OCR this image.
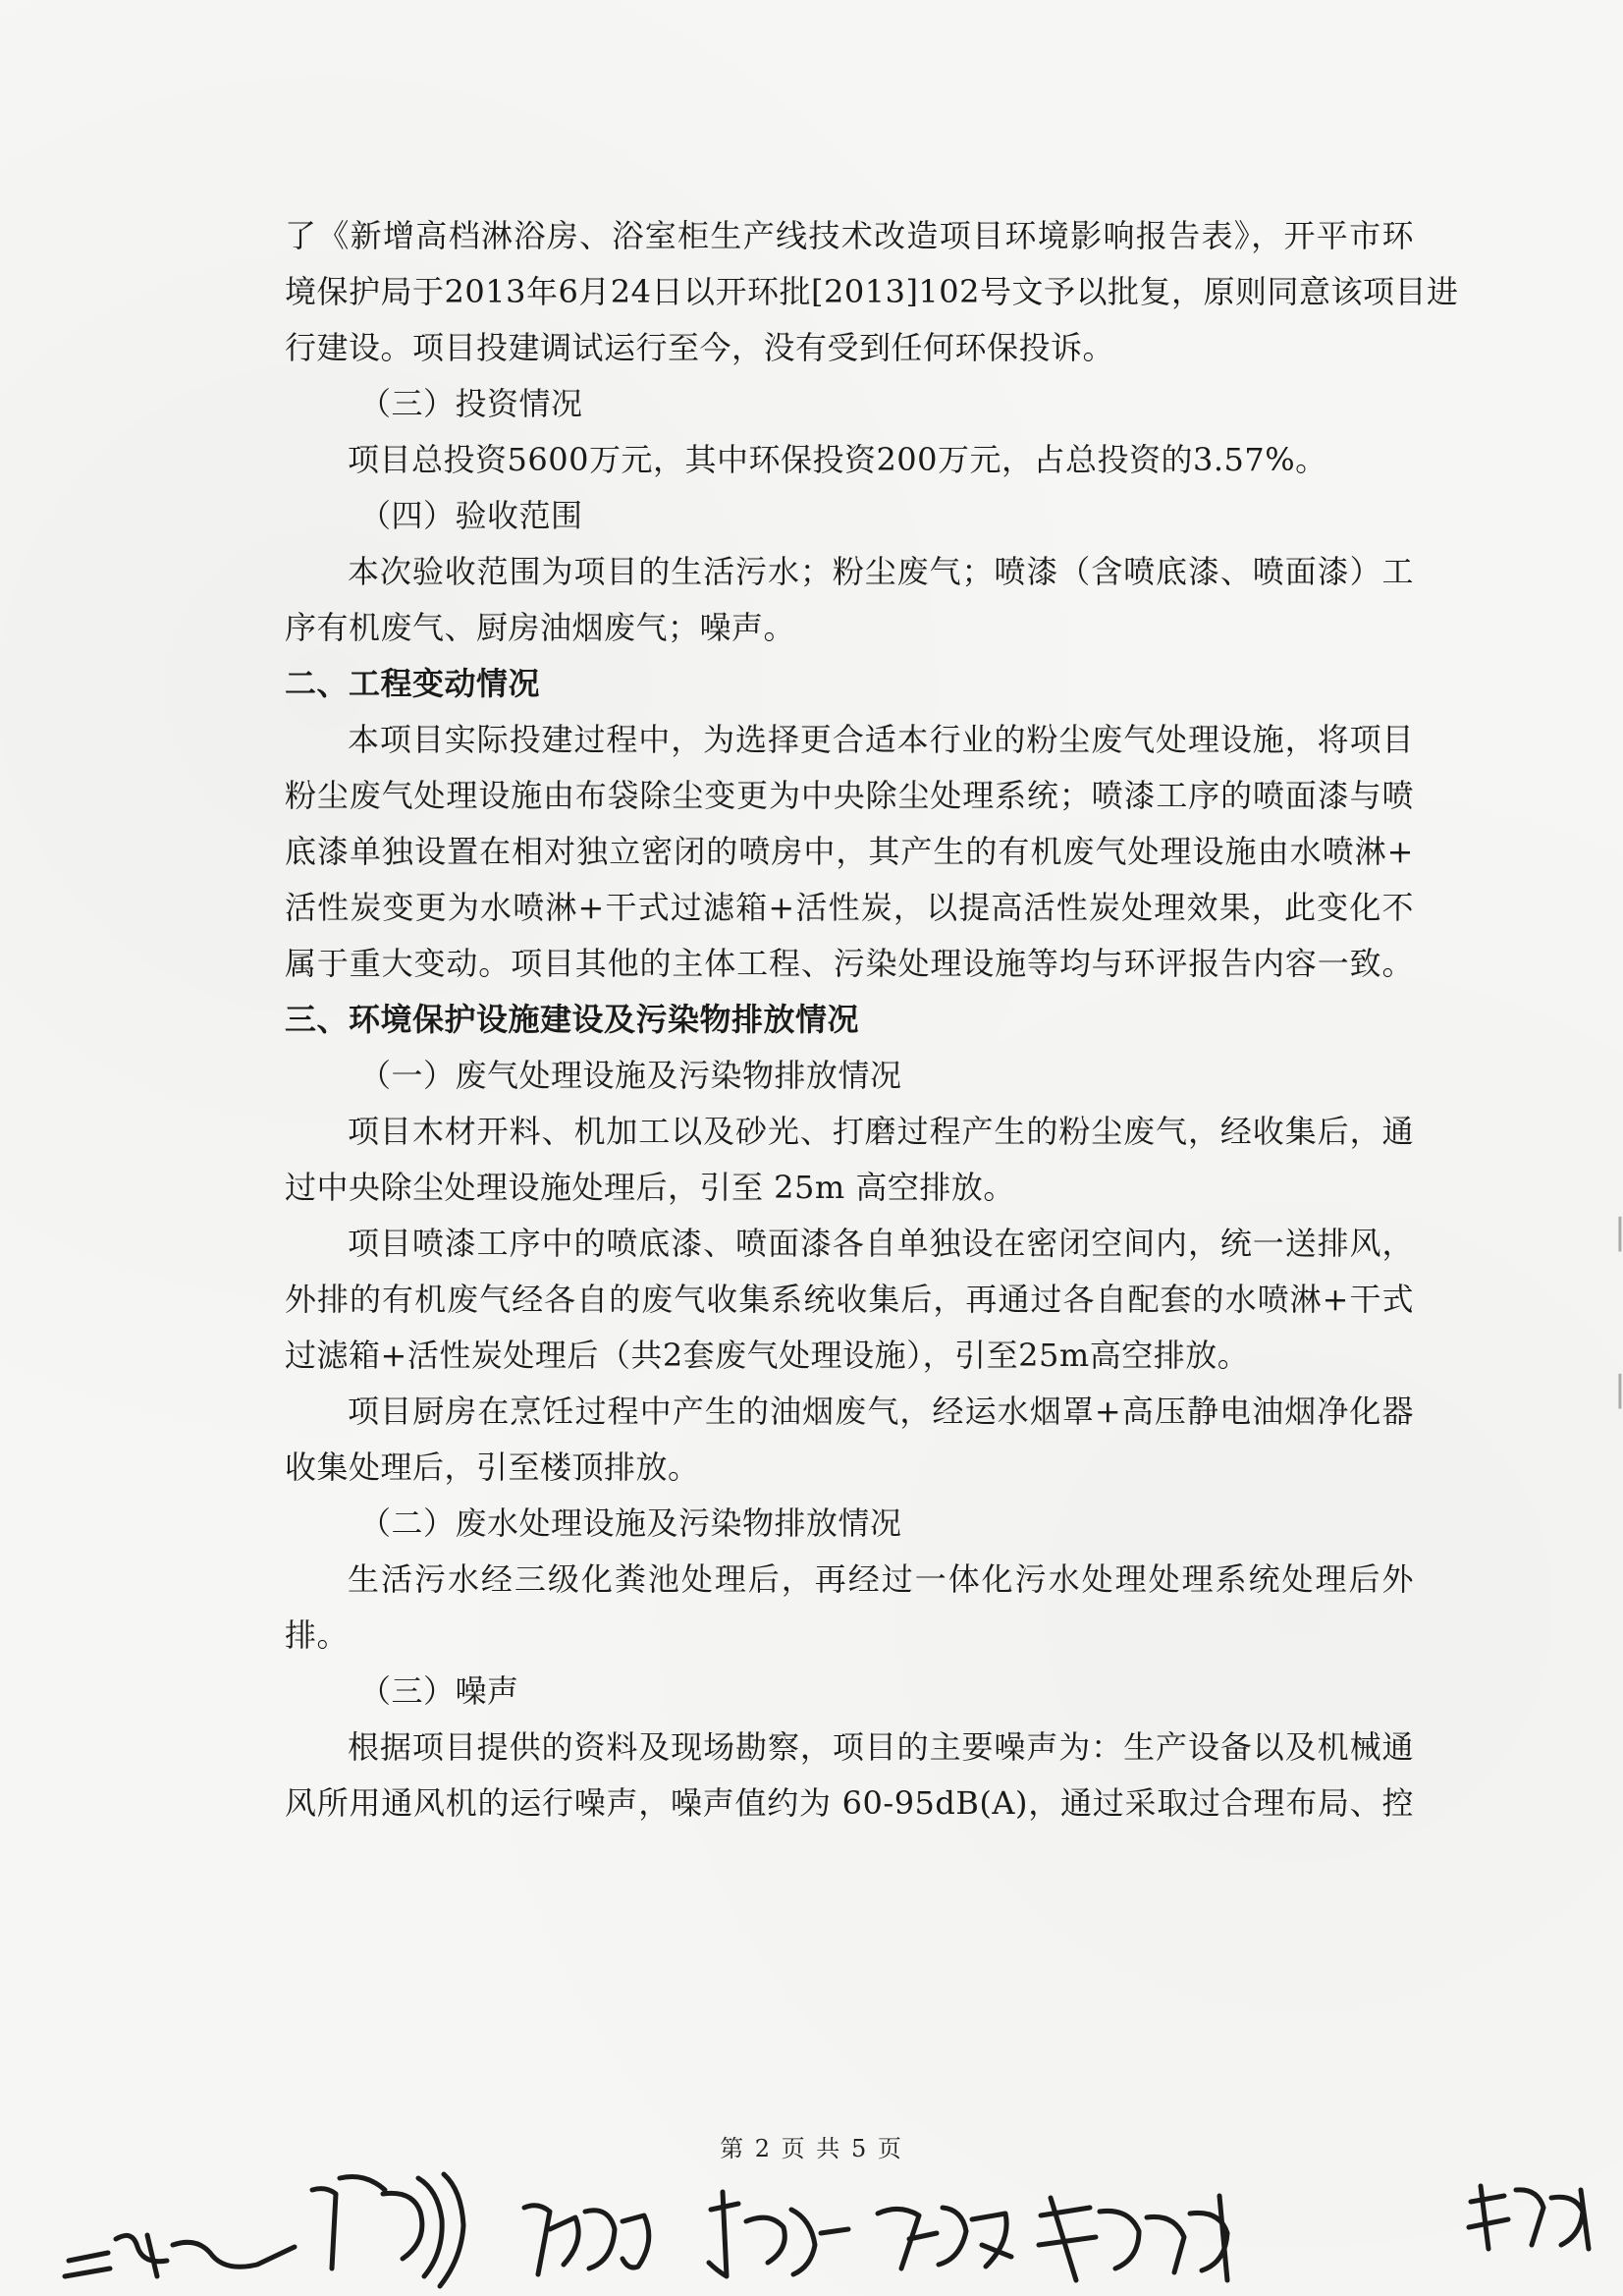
了《新增高档淋浴房、浴室柜生产线技术改造项目环境影响报告表》，开平市环
境保护局于2013年6月24日以开环批[2013]102号文予以批复，原则同意该项目进
行建设。项目投建调试运行至今，没有受到任何环保投诉。
（三）投资情况
项目总投资5600万元，其中环保投资200万元，占总投资的3.57%。
（四）验收范围
本次验收范围为项目的生活污水；粉尘废气；喷漆（含喷底漆、喷面漆）工
序有机废气、厨房油烟废气；噪声。
二、工程变动情况
本项目实际投建过程中，为选择更合适本行业的粉尘废气处理设施，将项目
粉尘废气处理设施由布袋除尘变更为中央除尘处理系统；喷漆工序的喷面漆与喷
底漆单独设置在相对独立密闭的喷房中，其产生的有机废气处理设施由水喷淋+
活性炭变更为水喷淋+干式过滤箱+活性炭，以提高活性炭处理效果，此变化不
属于重大变动。项目其他的主体工程、污染处理设施等均与环评报告内容一致。
三、环境保护设施建设及污染物排放情况
（一）废气处理设施及污染物排放情况
项目木材开料、机加工以及砂光、打磨过程产生的粉尘废气，经收集后，通
过中央除尘处理设施处理后，引至 25m 高空排放。
项目喷漆工序中的喷底漆、喷面漆各自单独设在密闭空间内，统一送排风，
外排的有机废气经各自的废气收集系统收集后，再通过各自配套的水喷淋+干式
过滤箱+活性炭处理后（共2套废气处理设施），引至25m高空排放。
项目厨房在烹饪过程中产生的油烟废气，经运水烟罩+高压静电油烟净化器
收集处理后，引至楼顶排放。
（二）废水处理设施及污染物排放情况
生活污水经三级化粪池处理后，再经过一体化污水处理处理系统处理后外
排。
（三）噪声
根据项目提供的资料及现场勘察，项目的主要噪声为：生产设备以及机械通
风所用通风机的运行噪声，噪声值约为 60-95dB(A)，通过采取过合理布局、控
▕
▕
第 2 页 共 5 页
